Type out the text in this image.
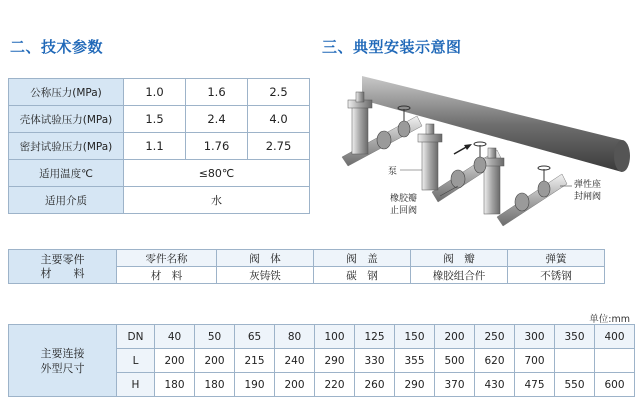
二、技术参数	三、典型安装示意图
公称压力(MPa)	1.0	1.6	2.5
壳体试验压力(MPa)	1.5	2.4	4.0
密封试验压力(MPa)	1.1	1.76	2.75
适用温度℃	≤80℃		
适用介质	水		
泵
橡胶瓣
止回阀
弹性座
封闸阀
主要零件
材　　料	零件名称	阀　体	阀　盖	阀　瓣	弹簧
	材　料	灰铸铁	碳　钢	橡胶组合件	不锈钢
单位:mm
主要连接
外型尺寸	DN	40	50	65	80	100	125	150	200	250	300	350	400
	L	200	200	215	240	290	330	355	500	620	700		
	H	180	180	190	200	220	260	290	370	430	475	550	600
